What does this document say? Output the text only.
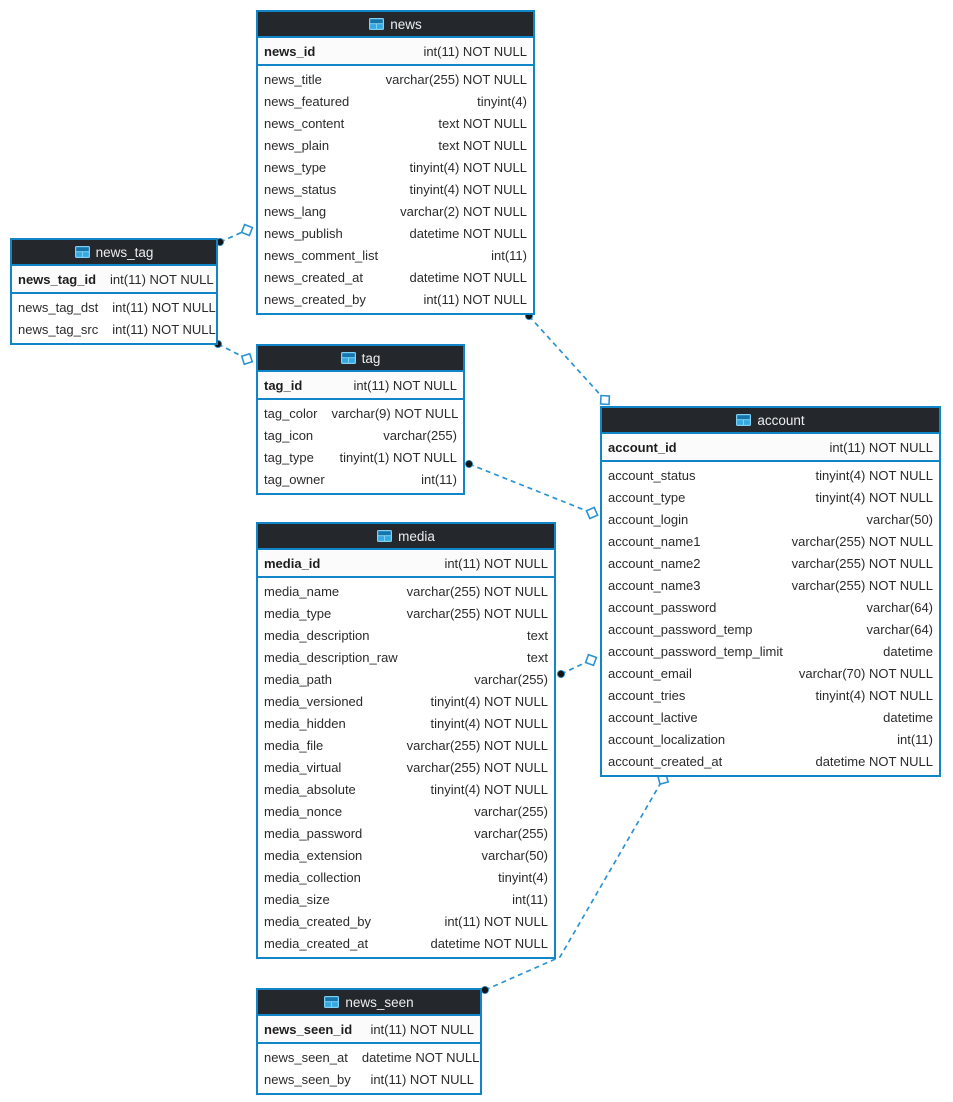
news
news_id	int(11) NOT NULL
news_title	varchar(255) NOT NULL
news_featured	tinyint(4)
news_content	text NOT NULL
news_plain	text NOT NULL
news_type	tinyint(4) NOT NULL
news_status	tinyint(4) NOT NULL
news_lang	varchar(2) NOT NULL
news_publish	datetime NOT NULL
news_comment_list	int(11)
news_created_at	datetime NOT NULL
news_created_by	int(11) NOT NULL
news_tag
news_tag_id int(11) NOT NULL
news_tag_dst int(11) NOT NULL
news_tag_src int(11) NOT NULL
tag
tag_id	int(11) NOT NULL
tag_color varchar(9) NOT NULL
tag_icon	varchar(255)
tag_type tinyint(1) NOT NULL
tag_owner	int(11)
media
media_id	int(11) NOT NULL
media_name	varchar(255) NOT NULL
media_type	varchar(255) NOT NULL
media_description	text
media_description_raw	text
media_path	varchar(255)
media_versioned	tinyint(4) NOT NULL
media_hidden	tinyint(4) NOT NULL
media_file	varchar(255) NOT NULL
media_virtual	varchar(255) NOT NULL
media_absolute	tinyint(4) NOT NULL
media_nonce	varchar(255)
media_password	varchar(255)
media_extension	varchar(50)
media_collection	tinyint(4)
media_size	int(11)
media_created_by	int(11) NOT NULL
media_created_at	datetime NOT NULL
account
account_id	int(11) NOT NULL
account_status	tinyint(4) NOT NULL
account_type	tinyint(4) NOT NULL
account_login	varchar(50)
account_name1	varchar(255) NOT NULL
account_name2	varchar(255) NOT NULL
account_name3	varchar(255) NOT NULL
account_password	varchar(64)
account_password_temp	varchar(64)
account_password_temp_limit	datetime
account_email	varchar(70) NOT NULL
account_tries	tinyint(4) NOT NULL
account_lactive	datetime
account_localization	int(11)
account_created_at	datetime NOT NULL
news_seen
news_seen_id int(11) NOT NULL
news_seen_at datetime NOT NULL
news_seen_by int(11) NOT NULL
